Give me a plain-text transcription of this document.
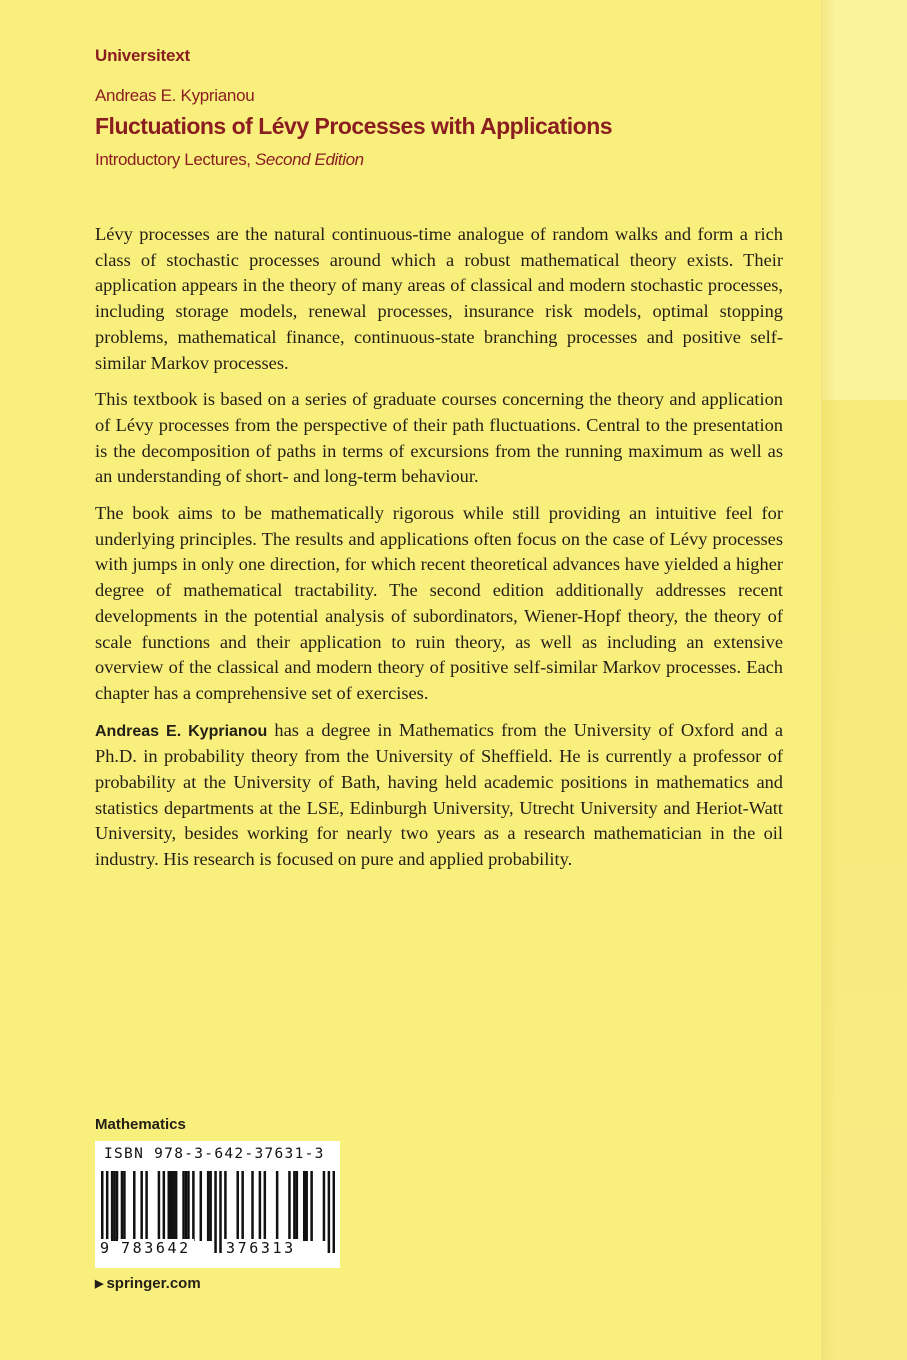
Universitext
Andreas E. Kyprianou
Fluctuations of Lévy Processes with Applications
Introductory Lectures, Second Edition

Lévy processes are the natural continuous-time analogue of random walks and form a rich class of stochastic processes around which a robust mathematical theory exists. Their application appears in the theory of many areas of classical and modern stochastic processes, including storage models, renewal processes, insurance risk models, optimal stopping problems, mathematical finance, continuous-state branching processes and positive self-similar Markov processes.

This textbook is based on a series of graduate courses concerning the theory and application of Lévy processes from the perspective of their path fluctuations. Central to the presentation is the decomposition of paths in terms of excursions from the running maximum as well as an understanding of short- and long-term behaviour.

The book aims to be mathematically rigorous while still providing an intuitive feel for underlying principles. The results and applications often focus on the case of Lévy processes with jumps in only one direction, for which recent theoretical advances have yielded a higher degree of mathematical tractability. The second edition additionally addresses recent developments in the potential analysis of subordinators, Wiener-Hopf theory, the theory of scale functions and their application to ruin theory, as well as including an extensive overview of the classical and modern theory of positive self-similar Markov processes. Each chapter has a comprehensive set of exercises.

Andreas E. Kyprianou has a degree in Mathematics from the University of Oxford and a Ph.D. in probability theory from the University of Sheffield. He is currently a professor of probability at the University of Bath, having held academic positions in mathematics and statistics departments at the LSE, Edinburgh University, Utrecht University and Heriot-Watt University, besides working for nearly two years as a research mathematician in the oil industry. His research is focused on pure and applied probability.

Mathematics
ISBN 978-3-642-37631-3
9 783642 376313
▶ springer.com
